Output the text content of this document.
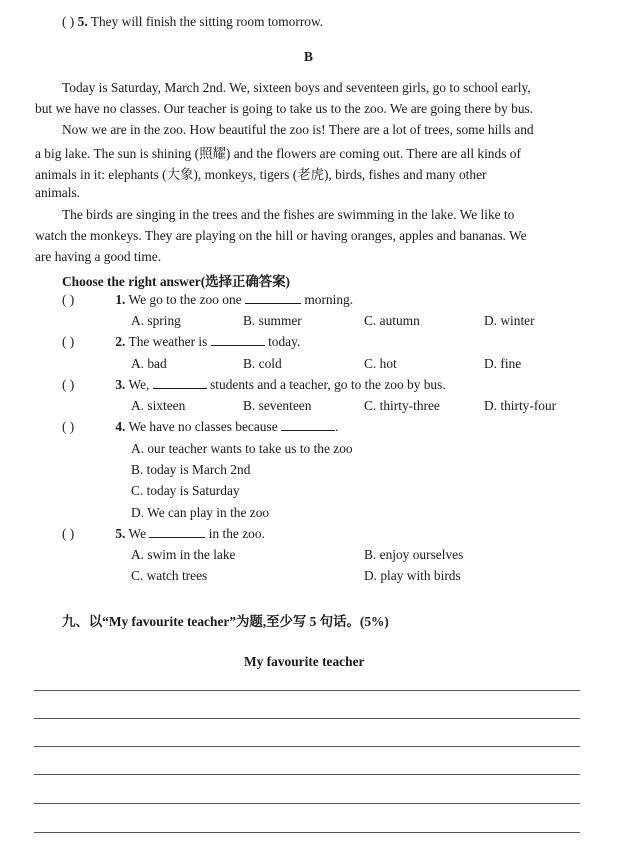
( ) 5. They will finish the sitting room tomorrow.
B
Today is Saturday, March 2nd. We, sixteen boys and seventeen girls, go to school early,
but we have no classes. Our teacher is going to take us to the zoo. We are going there by bus.
Now we are in the zoo. How beautiful the zoo is! There are a lot of trees, some hills and
a big lake. The sun is shining (照耀) and the flowers are coming out. There are all kinds of
animals in it: elephants (大象), monkeys, tigers (老虎), birds, fishes and many other
animals.
The birds are singing in the trees and the fishes are swimming in the lake. We like to
watch the monkeys. They are playing on the hill or having oranges, apples and bananas. We
are having a good time.
Choose the right answer(选择正确答案)
( )	1. We go to the zoo one	morning.
A. spring	B. summer	C. autumn	D. winter
( )	2. The weather is	today.
A. bad	B. cold	C. hot	D. fine
( )	3. We,	students and a teacher, go to the zoo by bus.
A. sixteen	B. seventeen	C. thirty-three	D. thirty-four
( )	4. We have no classes because	.
A. our teacher wants to take us to the zoo
B. today is March 2nd
C. today is Saturday
D. We can play in the zoo
( )	5. We	in the zoo.
A. swim in the lake	B. enjoy ourselves
C. watch trees	D. play with birds
九、以“My favourite teacher”为题,至少写 5 句话。(5%)
My favourite teacher
